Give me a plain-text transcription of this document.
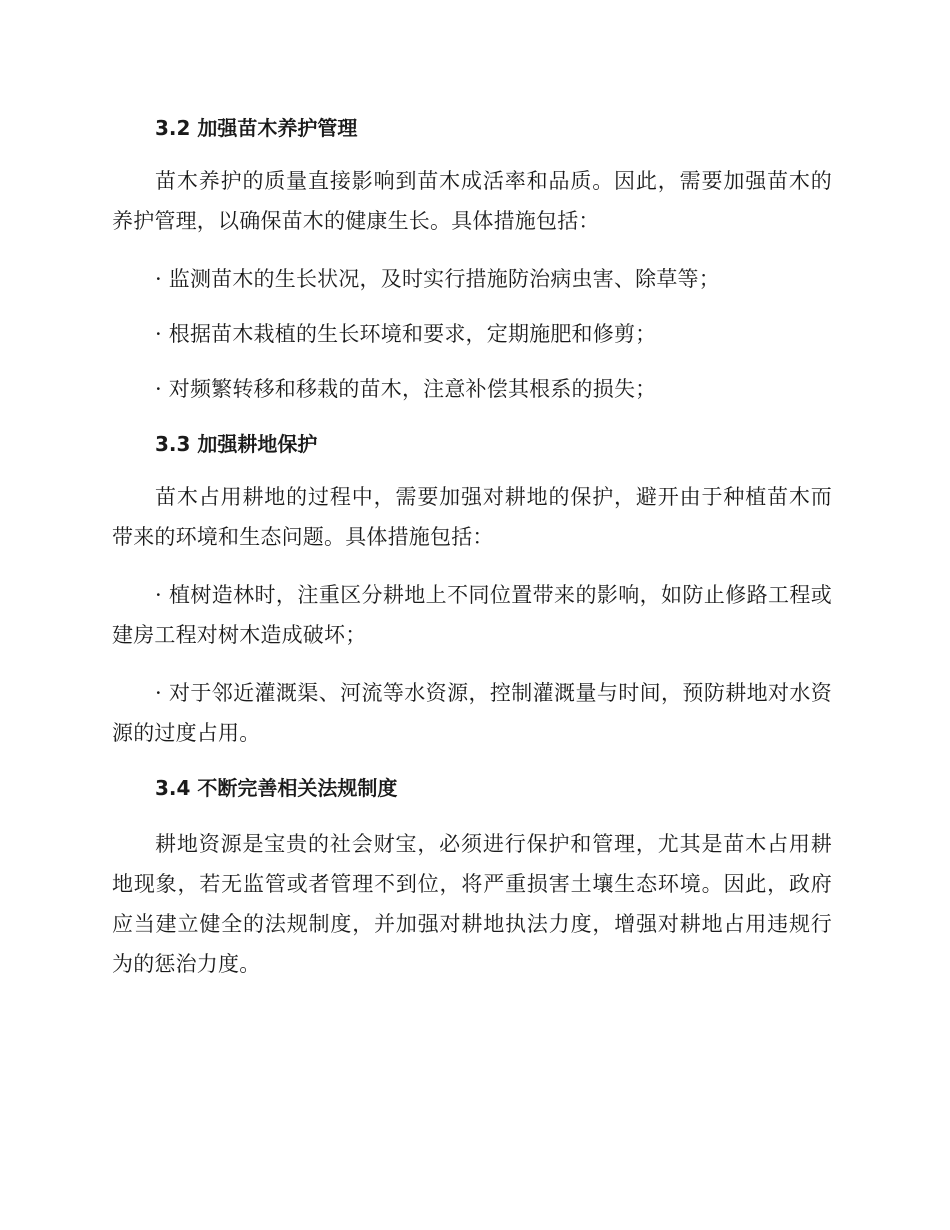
3.2 加强苗木养护管理
苗木养护的质量直接影响到苗木成活率和品质。因此，需要加强苗木的养护管理，以确保苗木的健康生长。具体措施包括：
· 监测苗木的生长状况，及时实行措施防治病虫害、除草等；
· 根据苗木栽植的生长环境和要求，定期施肥和修剪；
· 对频繁转移和移栽的苗木，注意补偿其根系的损失；
3.3 加强耕地保护
苗木占用耕地的过程中，需要加强对耕地的保护，避开由于种植苗木而带来的环境和生态问题。具体措施包括：
· 植树造林时，注重区分耕地上不同位置带来的影响，如防止修路工程或建房工程对树木造成破坏；
· 对于邻近灌溉渠、河流等水资源，控制灌溉量与时间，预防耕地对水资源的过度占用。
3.4 不断完善相关法规制度
耕地资源是宝贵的社会财宝，必须进行保护和管理，尤其是苗木占用耕地现象，若无监管或者管理不到位，将严重损害土壤生态环境。因此，政府应当建立健全的法规制度，并加强对耕地执法力度，增强对耕地占用违规行为的惩治力度。
